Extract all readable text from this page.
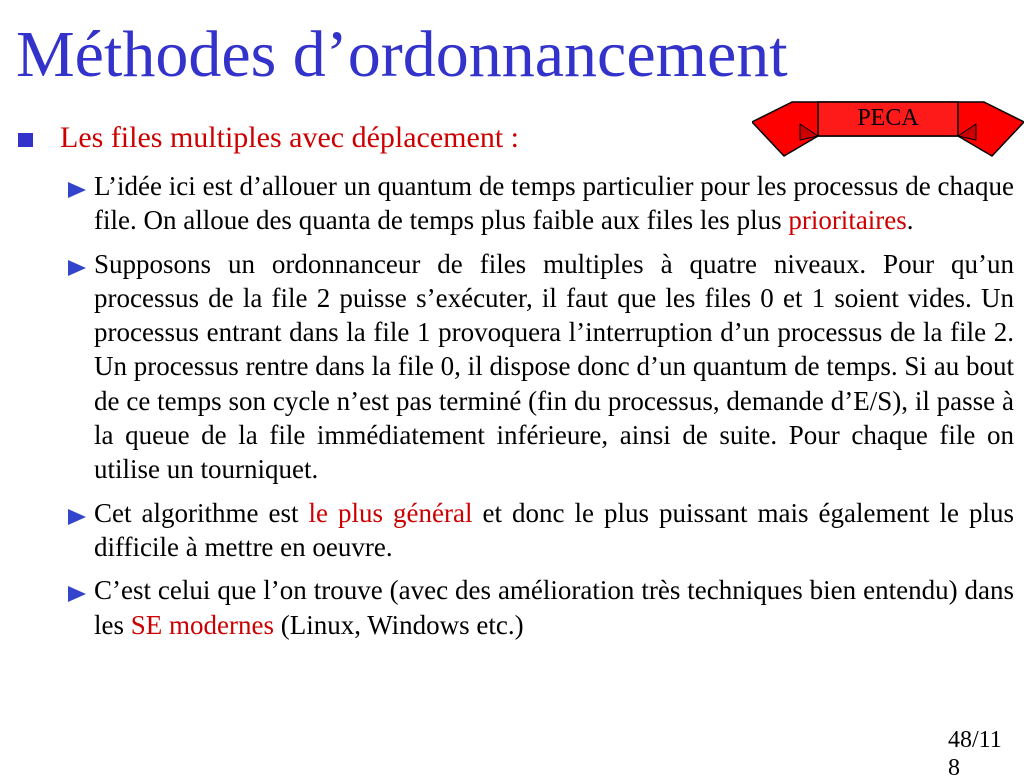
Méthodes d’ordonnancement
PECA
Les files multiples avec déplacement :

L’idée ici est d’allouer un quantum de temps particulier pour les processus de chaque file. On alloue des quanta de temps plus faible aux files les plus prioritaires.

Supposons un ordonnanceur de files multiples à quatre niveaux. Pour qu’un processus de la file 2 puisse s’exécuter, il faut que les files 0 et 1 soient vides. Un processus entrant dans la file 1 provoquera l’interruption d’un processus de la file 2. Un processus rentre dans la file 0, il dispose donc d’un quantum de temps. Si au bout de ce temps son cycle n’est pas terminé (fin du processus, demande d’E/S), il passe à la queue de la file immédiatement inférieure, ainsi de suite. Pour chaque file on utilise un tourniquet.

Cet algorithme est le plus général et donc le plus puissant mais également le plus difficile à mettre en oeuvre.

C’est celui que l’on trouve (avec des amélioration très techniques bien entendu) dans les SE modernes (Linux, Windows etc.)

48/11
8
